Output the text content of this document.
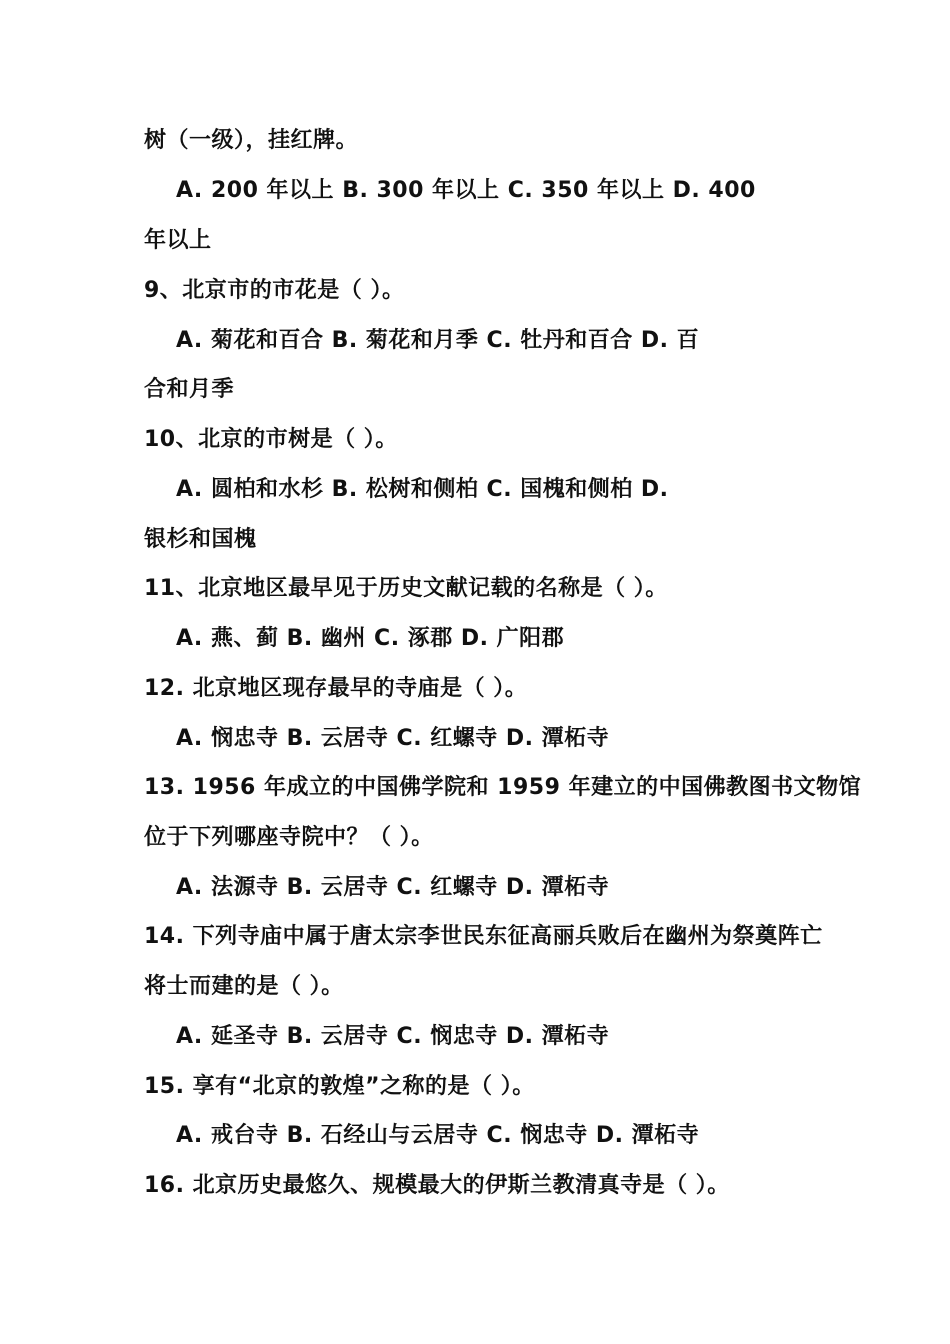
树（一级），挂红牌。
A. 200 年以上 B. 300 年以上 C. 350 年以上 D. 400
年以上
9、北京市的市花是（ ）。
A. 菊花和百合 B. 菊花和月季 C. 牡丹和百合 D. 百
合和月季
10、北京的市树是（ ）。
A. 圆柏和水杉 B. 松树和侧柏 C. 国槐和侧柏 D.
银杉和国槐
11、北京地区最早见于历史文献记载的名称是（ ）。
A. 燕、蓟 B. 幽州 C. 涿郡 D. 广阳郡
12. 北京地区现存最早的寺庙是（ ）。
A. 悯忠寺 B. 云居寺 C. 红螺寺 D. 潭柘寺
13. 1956 年成立的中国佛学院和 1959 年建立的中国佛教图书文物馆
位于下列哪座寺院中？（ ）。
A. 法源寺 B. 云居寺 C. 红螺寺 D. 潭柘寺
14. 下列寺庙中属于唐太宗李世民东征高丽兵败后在幽州为祭奠阵亡
将士而建的是（ ）。
A. 延圣寺 B. 云居寺 C. 悯忠寺 D. 潭柘寺
15. 享有“北京的敦煌”之称的是（ ）。
A. 戒台寺 B. 石经山与云居寺 C. 悯忠寺 D. 潭柘寺
16. 北京历史最悠久、规模最大的伊斯兰教清真寺是（ ）。
